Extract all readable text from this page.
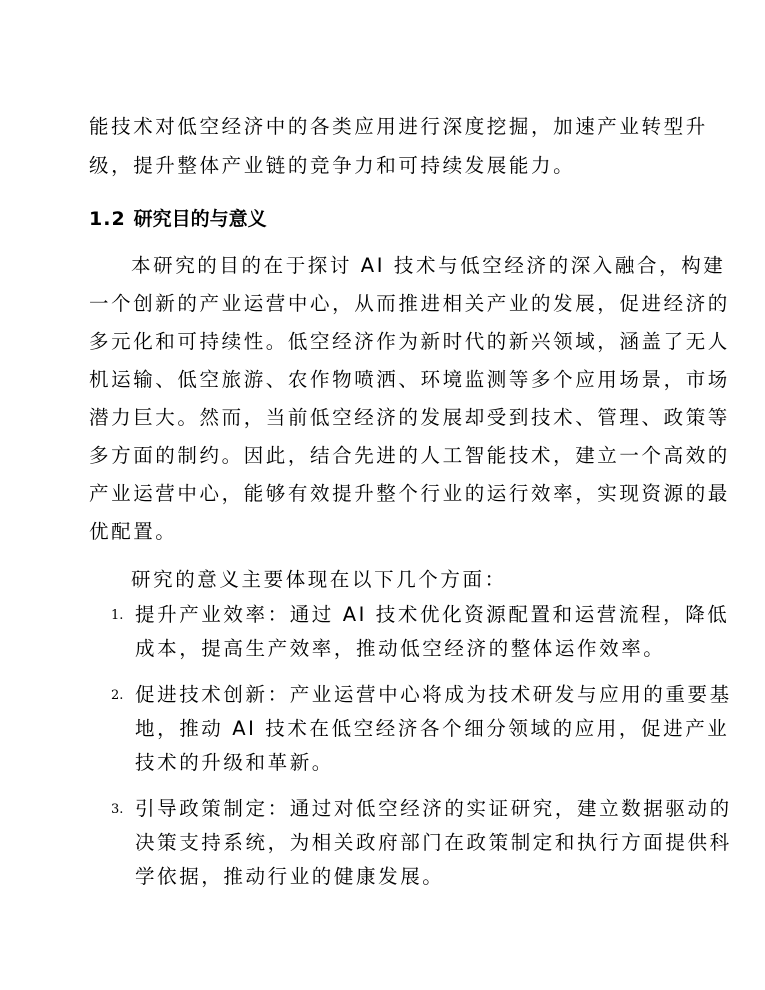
能技术对低空经济中的各类应用进行深度挖掘，加速产业转型升
级，提升整体产业链的竞争力和可持续发展能力。
1.2 研究目的与意义
本研究的目的在于探讨 AI 技术与低空经济的深入融合，构建
一个创新的产业运营中心，从而推进相关产业的发展，促进经济的
多元化和可持续性。低空经济作为新时代的新兴领域，涵盖了无人
机运输、低空旅游、农作物喷洒、环境监测等多个应用场景，市场
潜力巨大。然而，当前低空经济的发展却受到技术、管理、政策等
多方面的制约。因此，结合先进的人工智能技术，建立一个高效的
产业运营中心，能够有效提升整个行业的运行效率，实现资源的最
优配置。
研究的意义主要体现在以下几个方面：
1. 提升产业效率：通过 AI 技术优化资源配置和运营流程，降低
成本，提高生产效率，推动低空经济的整体运作效率。
2. 促进技术创新：产业运营中心将成为技术研发与应用的重要基
地，推动 AI 技术在低空经济各个细分领域的应用，促进产业
技术的升级和革新。
3. 引导政策制定：通过对低空经济的实证研究，建立数据驱动的
决策支持系统，为相关政府部门在政策制定和执行方面提供科
学依据，推动行业的健康发展。
